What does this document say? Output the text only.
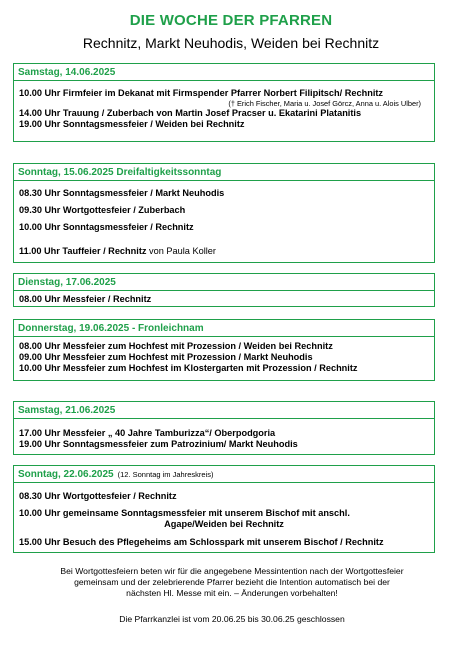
DIE WOCHE DER PFARREN
Rechnitz, Markt Neuhodis, Weiden bei Rechnitz
Samstag, 14.06.2025
10.00 Uhr Firmfeier im Dekanat mit Firmspender Pfarrer Norbert Filipitsch/ Rechnitz
(† Erich Fischer, Maria u. Josef Görcz, Anna u. Alois Ulber)
14.00 Uhr Trauung / Zuberbach von Martin Josef Pracser u. Ekatarini Platanitis
19.00 Uhr Sonntagsmessfeier / Weiden bei Rechnitz
Sonntag, 15.06.2025 Dreifaltigkeitssonntag
08.30 Uhr Sonntagsmessfeier / Markt Neuhodis
09.30 Uhr Wortgottesfeier / Zuberbach
10.00 Uhr Sonntagsmessfeier / Rechnitz
11.00 Uhr Tauffeier / Rechnitz von Paula Koller
Dienstag, 17.06.2025
08.00 Uhr Messfeier / Rechnitz
Donnerstag, 19.06.2025 - Fronleichnam
08.00 Uhr Messfeier zum Hochfest mit Prozession / Weiden bei Rechnitz
09.00 Uhr Messfeier zum Hochfest mit Prozession / Markt Neuhodis
10.00 Uhr Messfeier zum Hochfest im Klostergarten mit Prozession / Rechnitz
Samstag, 21.06.2025
17.00 Uhr Messfeier „ 40 Jahre Tamburizza“/ Oberpodgoria
19.00 Uhr Sonntagsmessfeier zum Patrozinium/ Markt Neuhodis
Sonntag, 22.06.2025 (12. Sonntag im Jahreskreis)
08.30 Uhr Wortgottesfeier / Rechnitz
10.00 Uhr gemeinsame Sonntagsmessfeier mit unserem Bischof mit anschl.
Agape/Weiden bei Rechnitz
15.00 Uhr Besuch des Pflegeheims am Schlosspark mit unserem Bischof / Rechnitz
Bei Wortgottesfeiern beten wir für die angegebene Messintention nach der Wortgottesfeier
gemeinsam und der zelebrierende Pfarrer bezieht die Intention automatisch bei der
nächsten Hl. Messe mit ein. – Änderungen vorbehalten!
Die Pfarrkanzlei ist vom 20.06.25 bis 30.06.25 geschlossen
